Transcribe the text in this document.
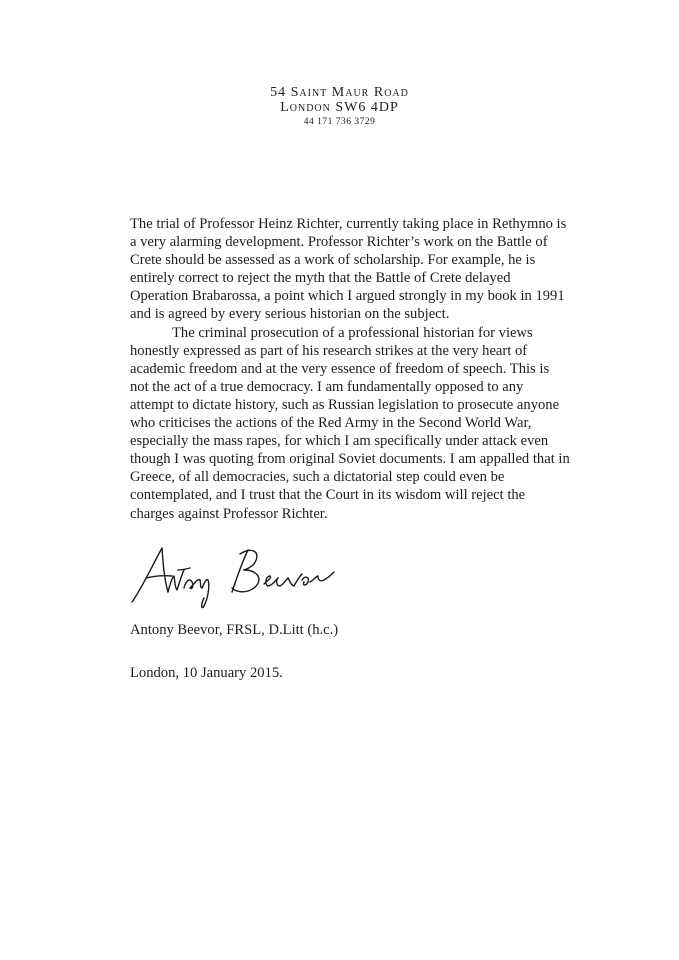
54 Saint Maur Road
London SW6 4DP
44 171 736 3729

The trial of Professor Heinz Richter, currently taking place in Rethymno is a very alarming development. Professor Richter’s work on the Battle of Crete should be assessed as a work of scholarship. For example, he is entirely correct to reject the myth that the Battle of Crete delayed Operation Brabarossa, a point which I argued strongly in my book in 1991 and is agreed by every serious historian on the subject.

The criminal prosecution of a professional historian for views honestly expressed as part of his research strikes at the very heart of academic freedom and at the very essence of freedom of speech. This is not the act of a true democracy. I am fundamentally opposed to any attempt to dictate history, such as Russian legislation to prosecute anyone who criticises the actions of the Red Army in the Second World War, especially the mass rapes, for which I am specifically under attack even though I was quoting from original Soviet documents. I am appalled that in Greece, of all democracies, such a dictatorial step could even be contemplated, and I trust that the Court in its wisdom will reject the charges against Professor Richter.

Antony Beevor, FRSL, D.Litt (h.c.)
London, 10 January 2015.
